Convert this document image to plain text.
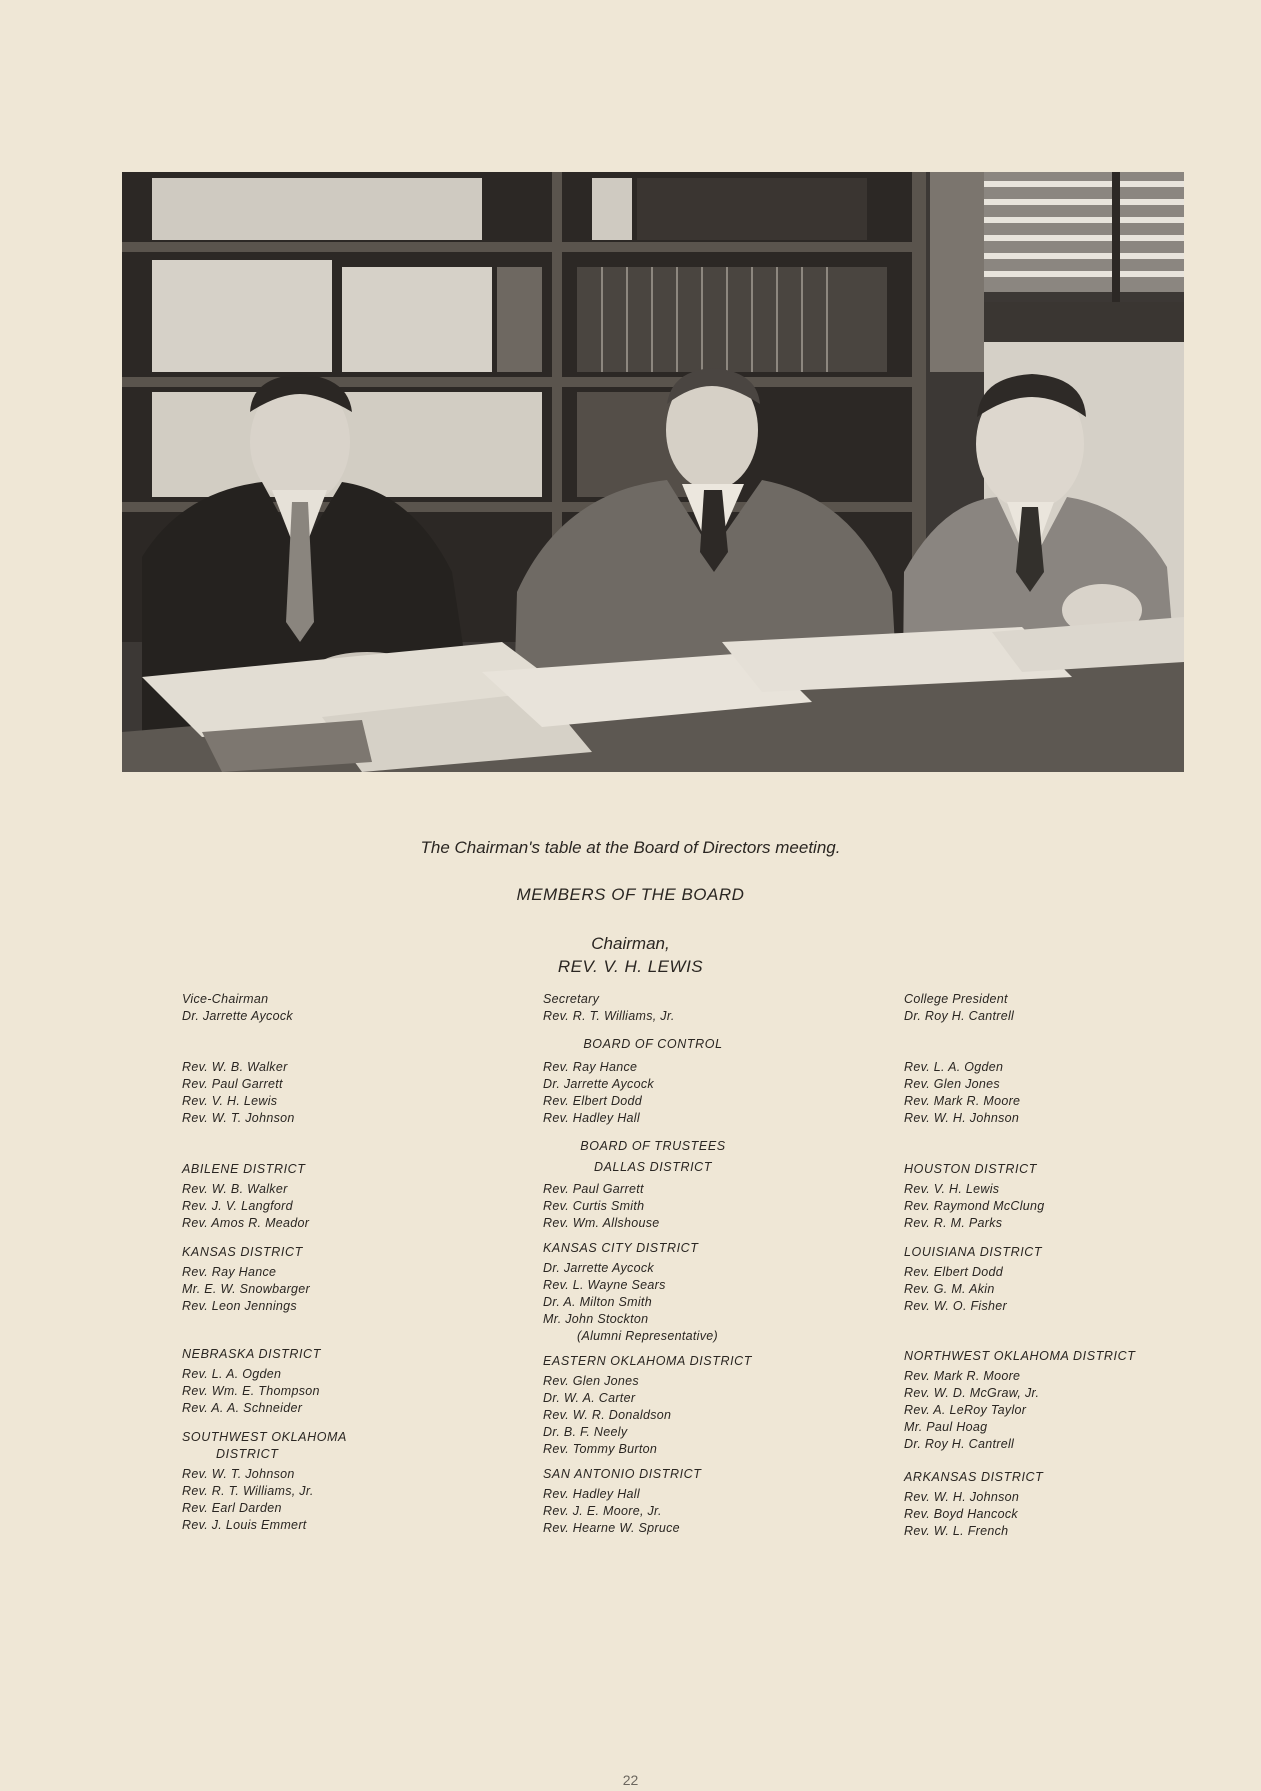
The Chairman's table at the Board of Directors meeting.
MEMBERS OF THE BOARD
Chairman,
REV. V. H. LEWIS
Vice-Chairman
Dr. Jarrette Aycock
Rev. W. B. Walker
Rev. Paul Garrett
Rev. V. H. Lewis
Rev. W. T. Johnson
ABILENE DISTRICT
Rev. W. B. Walker
Rev. J. V. Langford
Rev. Amos R. Meador
KANSAS DISTRICT
Rev. Ray Hance
Mr. E. W. Snowbarger
Rev. Leon Jennings
NEBRASKA DISTRICT
Rev. L. A. Ogden
Rev. Wm. E. Thompson
Rev. A. A. Schneider
SOUTHWEST OKLAHOMA
DISTRICT
Rev. W. T. Johnson
Rev. R. T. Williams, Jr.
Rev. Earl Darden
Rev. J. Louis Emmert
Secretary
Rev. R. T. Williams, Jr.
BOARD OF CONTROL
Rev. Ray Hance
Dr. Jarrette Aycock
Rev. Elbert Dodd
Rev. Hadley Hall
BOARD OF TRUSTEES
DALLAS DISTRICT
Rev. Paul Garrett
Rev. Curtis Smith
Rev. Wm. Allshouse
KANSAS CITY DISTRICT
Dr. Jarrette Aycock
Rev. L. Wayne Sears
Dr. A. Milton Smith
Mr. John Stockton
(Alumni Representative)
EASTERN OKLAHOMA DISTRICT
Rev. Glen Jones
Dr. W. A. Carter
Rev. W. R. Donaldson
Dr. B. F. Neely
Rev. Tommy Burton
SAN ANTONIO DISTRICT
Rev. Hadley Hall
Rev. J. E. Moore, Jr.
Rev. Hearne W. Spruce
College President
Dr. Roy H. Cantrell
Rev. L. A. Ogden
Rev. Glen Jones
Rev. Mark R. Moore
Rev. W. H. Johnson
HOUSTON DISTRICT
Rev. V. H. Lewis
Rev. Raymond McClung
Rev. R. M. Parks
LOUISIANA DISTRICT
Rev. Elbert Dodd
Rev. G. M. Akin
Rev. W. O. Fisher
NORTHWEST OKLAHOMA DISTRICT
Rev. Mark R. Moore
Rev. W. D. McGraw, Jr.
Rev. A. LeRoy Taylor
Mr. Paul Hoag
Dr. Roy H. Cantrell
ARKANSAS DISTRICT
Rev. W. H. Johnson
Rev. Boyd Hancock
Rev. W. L. French
22
